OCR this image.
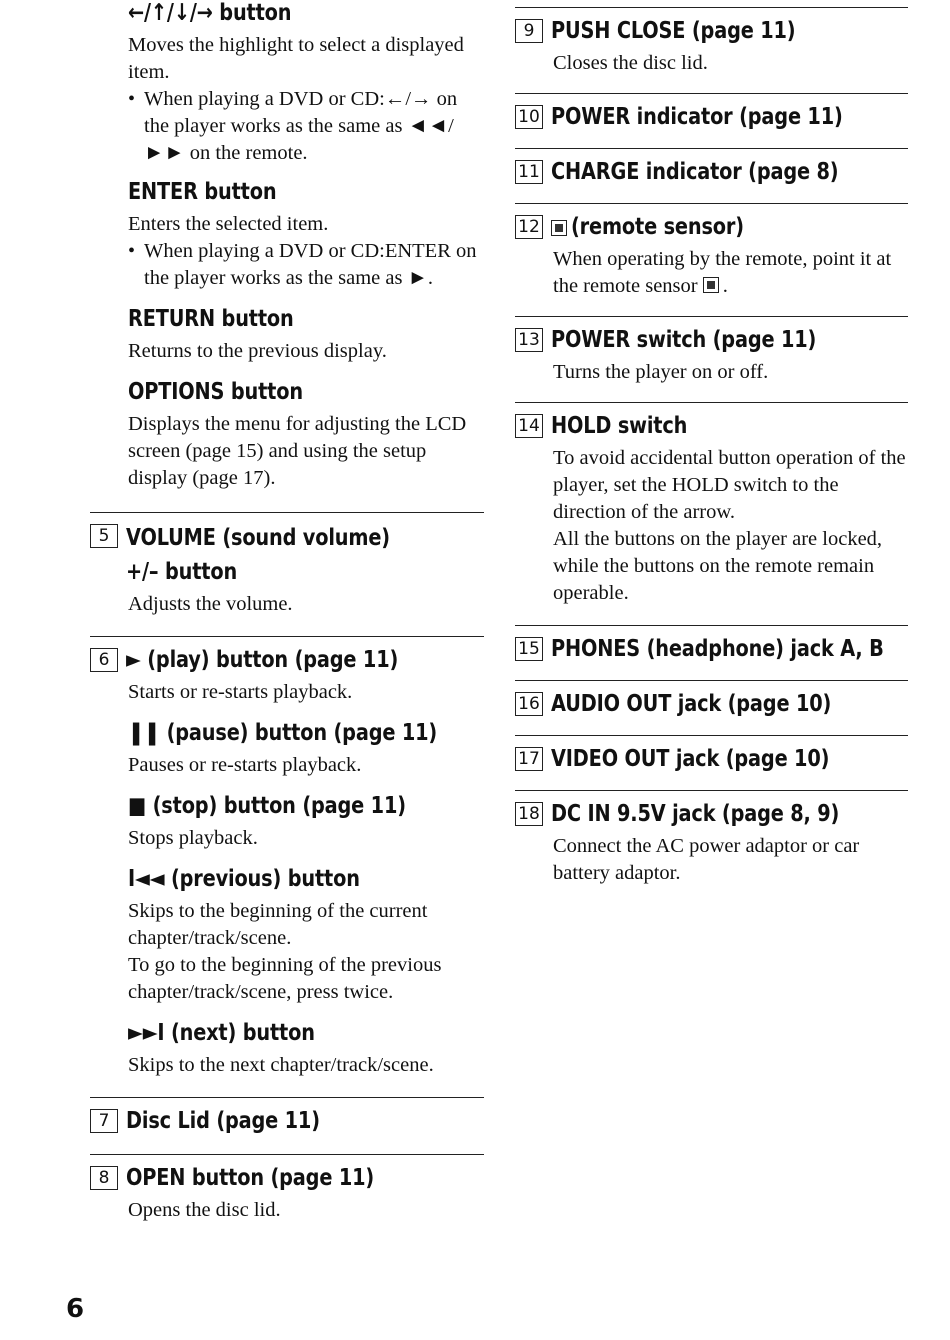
←/↑/↓/→ button

Moves the highlight to select a displayed item.

• When playing a DVD or CD:←/→ on the player works as the same as ◄◄/ ►► on the remote.

ENTER button

Enters the selected item.

• When playing a DVD or CD:ENTER on the player works as the same as ►.

RETURN button

Returns to the previous display.

OPTIONS button

Displays the menu for adjusting the LCD screen (page 15) and using the setup display (page 17).

5 VOLUME (sound volume) +/– button

Adjusts the volume.

6 ► (play) button (page 11)

Starts or re-starts playback.

❚❚ (pause) button (page 11)

Pauses or re-starts playback.

■ (stop) button (page 11)

Stops playback.

I◄◄ (previous) button

Skips to the beginning of the current chapter/track/scene.

To go to the beginning of the previous chapter/track/scene, press twice.

►►I (next) button

Skips to the next chapter/track/scene.

7 Disc Lid (page 11)

8 OPEN button (page 11)

Opens the disc lid.

9 PUSH CLOSE (page 11)

Closes the disc lid.

10 POWER indicator (page 11)

11 CHARGE indicator (page 8)

12 (remote sensor)

When operating by the remote, point it at the remote sensor .

13 POWER switch (page 11)

Turns the player on or off.

14 HOLD switch

To avoid accidental button operation of the player, set the HOLD switch to the direction of the arrow.

All the buttons on the player are locked, while the buttons on the remote remain operable.

15 PHONES (headphone) jack A, B

16 AUDIO OUT jack (page 10)

17 VIDEO OUT jack (page 10)

18 DC IN 9.5V jack (page 8, 9)

Connect the AC power adaptor or car battery adaptor.

6
